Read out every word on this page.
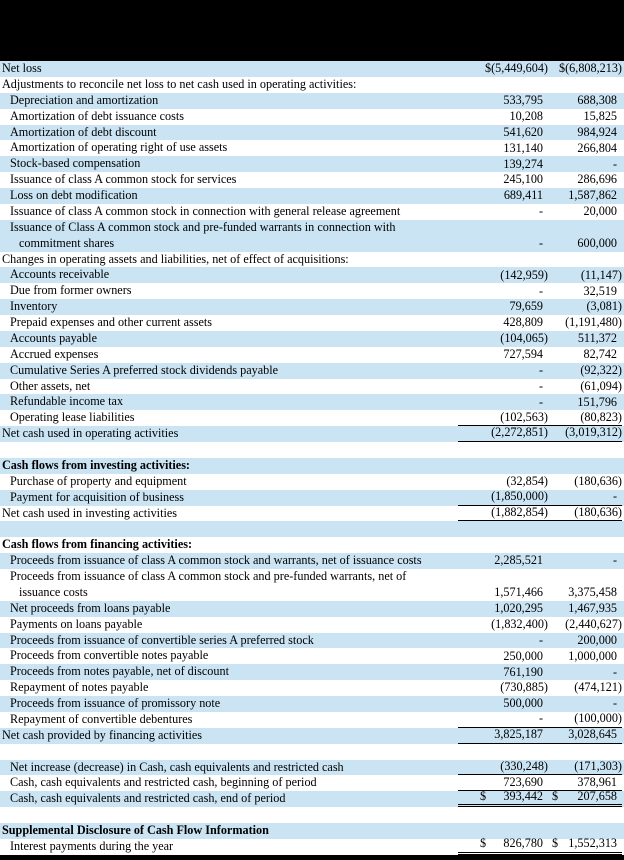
Net loss	$(5,449,604) $(6,808,213)
Adjustments to reconcile net loss to net cash used in operating activities:
Depreciation and amortization	533,795	688,308
Amortization of debt issuance costs	10,208	15,825
Amortization of debt discount	541,620	984,924
Amortization of operating right of use assets	131,140	266,804
Stock-based compensation	139,274	-
Issuance of class A common stock for services	245,100	286,696
Loss on debt modification	689,411	1,587,862
Issuance of class A common stock in connection with general release agreement	-	20,000
Issuance of Class A common stock and pre-funded warrants in connection with
commitment shares	-	600,000
Changes in operating assets and liabilities, net of effect of acquisitions:
Accounts receivable	(142,959)	(11,147)
Due from former owners	-	32,519
Inventory	79,659	(3,081)
Prepaid expenses and other current assets	428,809	(1,191,480)
Accounts payable	(104,065) 511,372
Accrued expenses	727,594	82,742
Cumulative Series A preferred stock dividends payable	-	(92,322)
Other assets, net	-	(61,094)
Refundable income tax	-	151,796
Operating lease liabilities	(102,563)	(80,823)
Net cash used in operating activities	(2,272,851) (3,019,312)
Cash flows from investing activities:
Purchase of property and equipment	(32,854) (180,636)
Payment for acquisition of business	(1,850,000)	-
Net cash used in investing activities	(1,882,854) (180,636)
Cash flows from financing activities:
Proceeds from issuance of class A common stock and warrants, net of issuance costs	2,285,521	-
Proceeds from issuance of class A common stock and pre-funded warrants, net of
issuance costs	1,571,466	3,375,458
Net proceeds from loans payable	1,020,295	1,467,935
Payments on loans payable	(1,832,400) (2,440,627)
Proceeds from issuance of convertible series A preferred stock	-	200,000
Proceeds from convertible notes payable	250,000	1,000,000
Proceeds from notes payable, net of discount	761,190	-
Repayment of notes payable	(730,885) (474,121)
Proceeds from issuance of promissory note	500,000	-
Repayment of convertible debentures	-	(100,000)
Net cash provided by financing activities	3,825,187	3,028,645
Net increase (decrease) in Cash, cash equivalents and restricted cash	(330,248) (171,303)
Cash, cash equivalents and restricted cash, beginning of period	723,690	378,961
Cash, cash equivalents and restricted cash, end of period	$ 393,442 $ 207,658
Supplemental Disclosure of Cash Flow Information
Interest payments during the year	$ 826,780 $ 1,552,313
